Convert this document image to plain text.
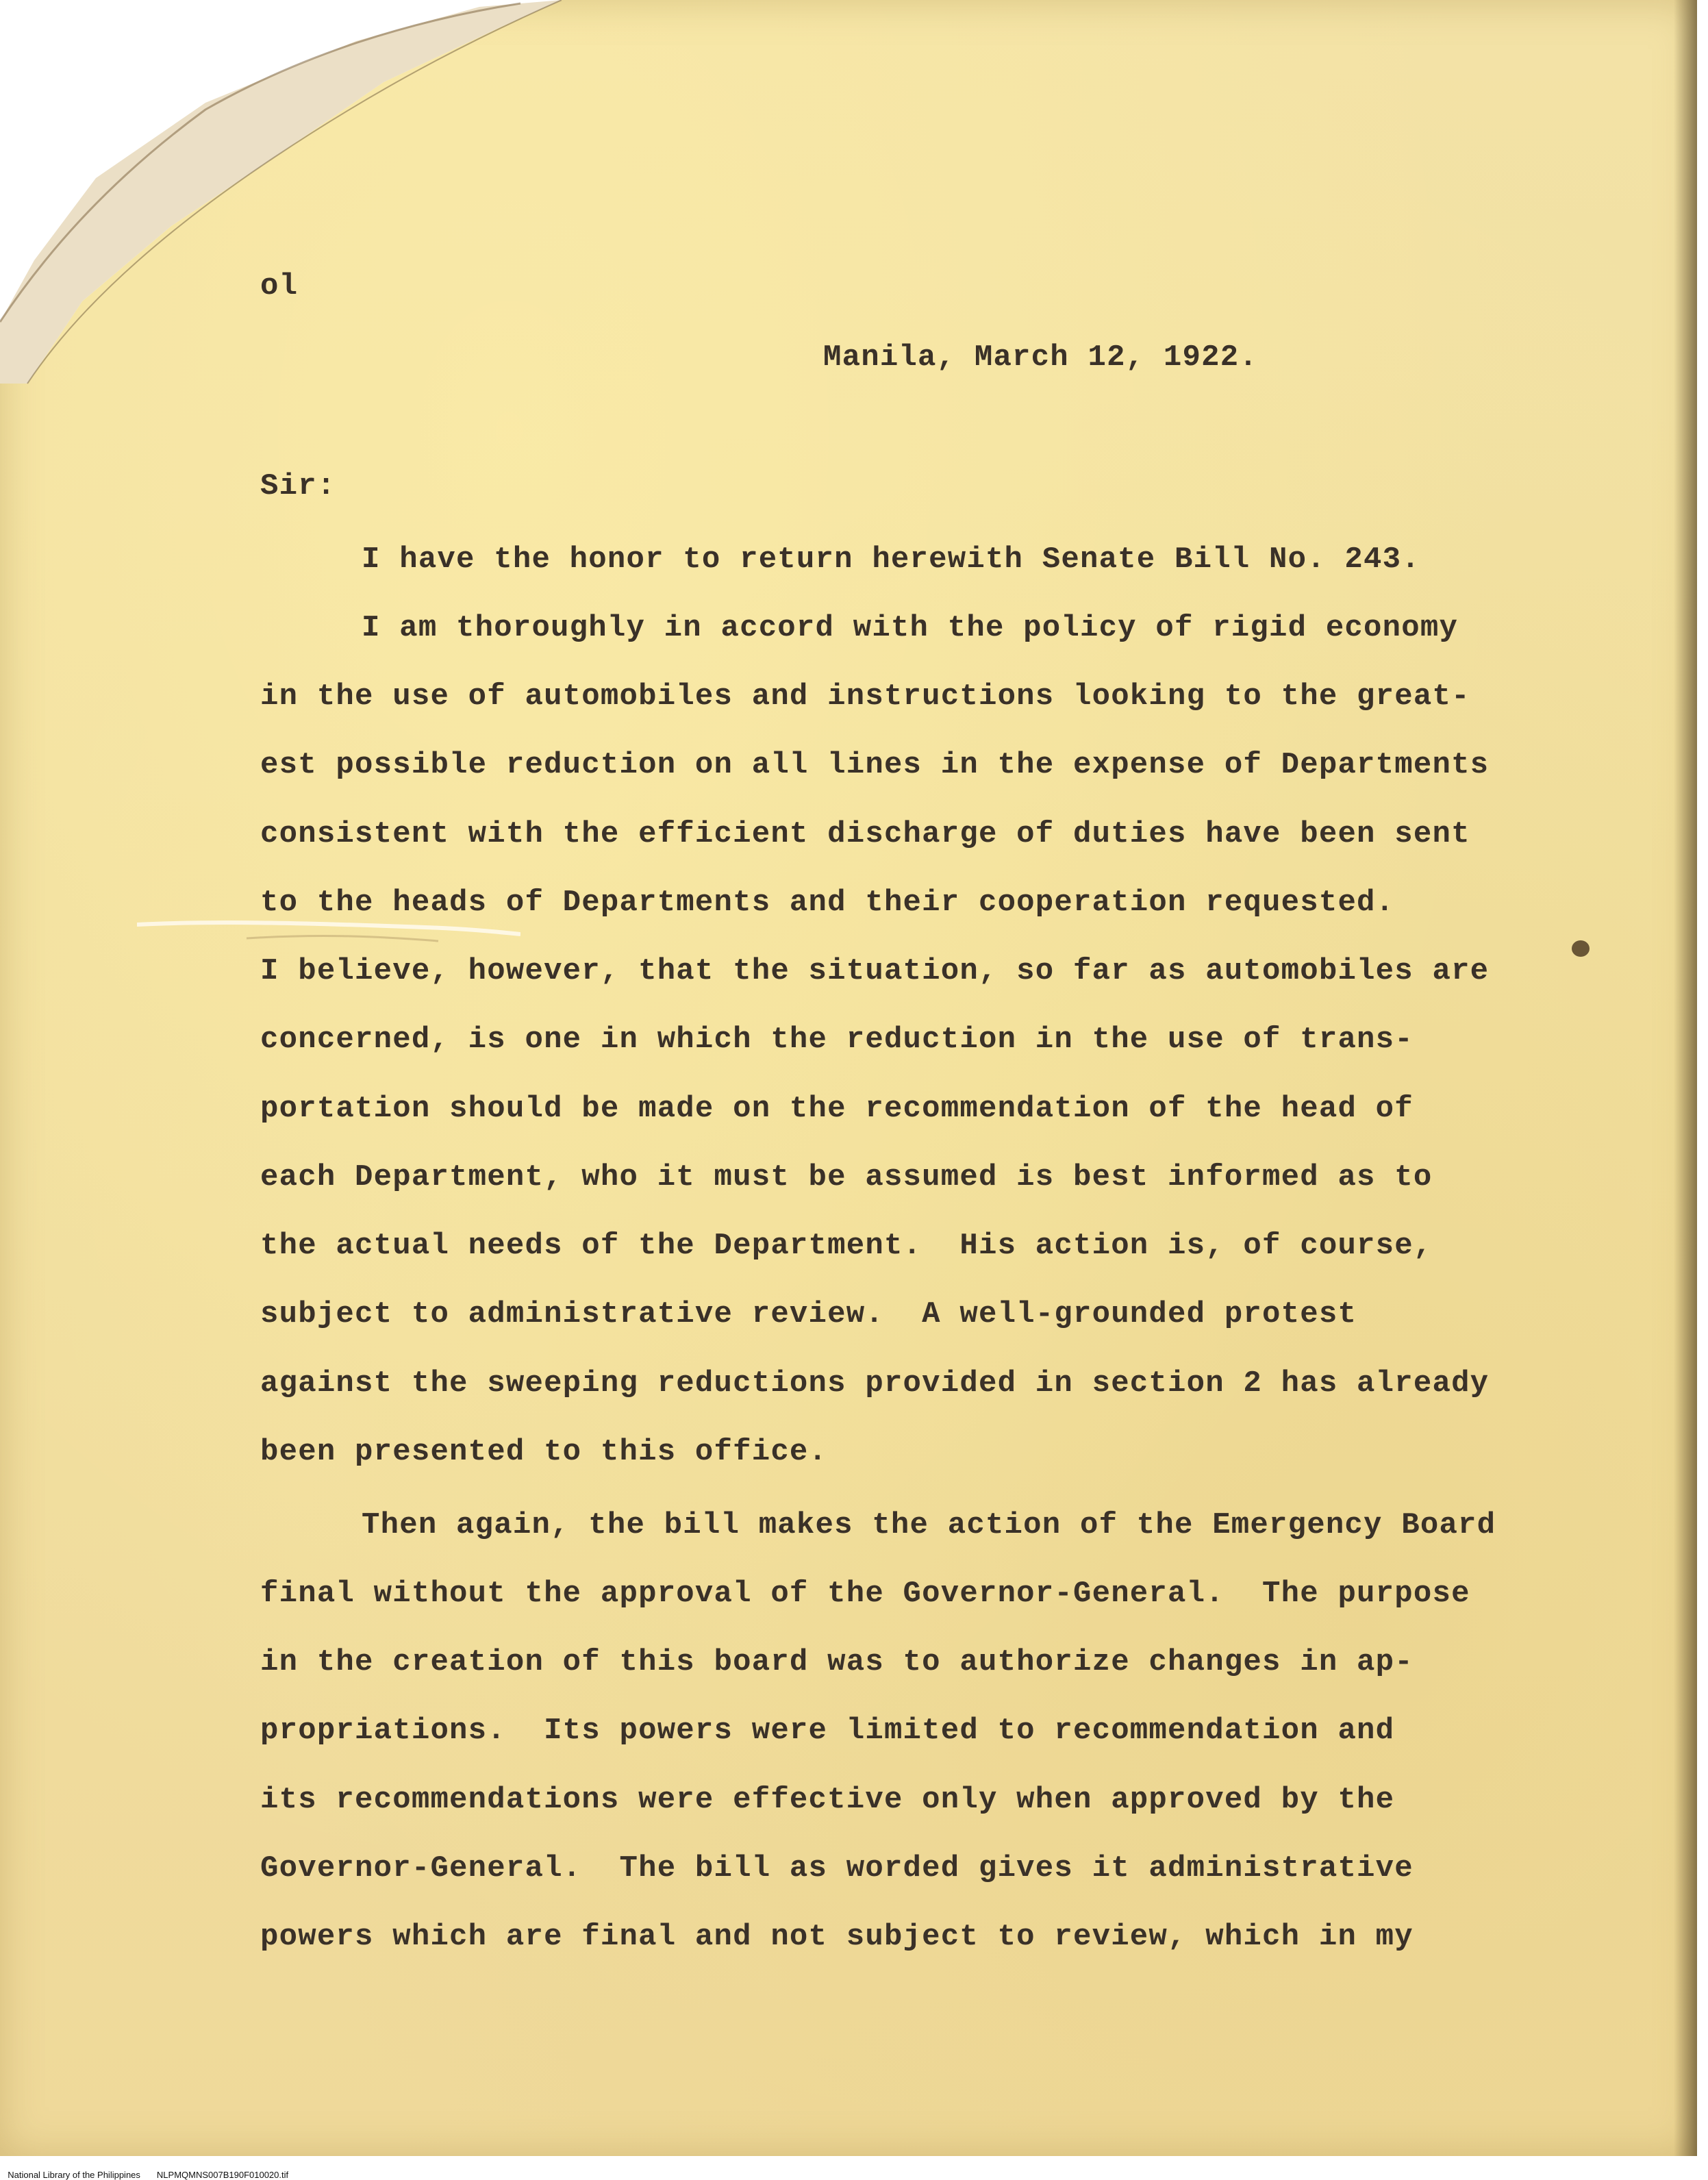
ol

Manila, March 12, 1922.

Sir:

I have the honor to return herewith Senate Bill No. 243.

I am thoroughly in accord with the policy of rigid economy

in the use of automobiles and instructions looking to the great-

est possible reduction on all lines in the expense of Departments

consistent with the efficient discharge of duties have been sent

to the heads of Departments and their cooperation requested.

I believe, however, that the situation, so far as automobiles are

concerned, is one in which the reduction in the use of trans-

portation should be made on the recommendation of the head of

each Department, who it must be assumed is best informed as to

the actual needs of the Department.  His action is, of course,

subject to administrative review.  A well-grounded protest

against the sweeping reductions provided in section 2 has already

been presented to this office.

Then again, the bill makes the action of the Emergency Board

final without the approval of the Governor-General.  The purpose

in the creation of this board was to authorize changes in ap-

propriations.  Its powers were limited to recommendation and

its recommendations were effective only when approved by the

Governor-General.  The bill as worded gives it administrative

powers which are final and not subject to review, which in my

National Library of the Philippines NLPMQMNS007B190F010020.tif
